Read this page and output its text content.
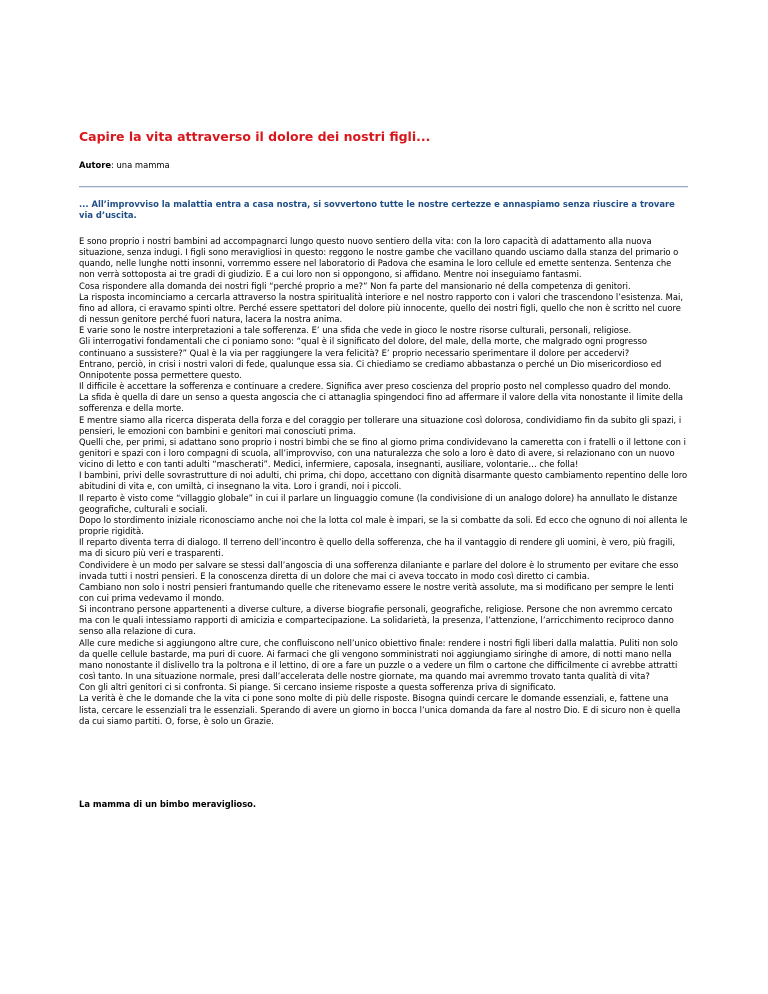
Capire la vita attraverso il dolore dei nostri figli...
Autore: una mamma

... All’improvviso la malattia entra a casa nostra, si sovvertono tutte le nostre certezze e annaspiamo senza riuscire a trovare via d’uscita.

E sono proprio i nostri bambini ad accompagnarci lungo questo nuovo sentiero della vita: con la loro capacità di adattamento alla nuova situazione, senza indugi. I figli sono meravigliosi in questo: reggono le nostre gambe che vacillano quando usciamo dalla stanza del primario o quando, nelle lunghe notti insonni, vorremmo essere nel laboratorio di Padova che esamina le loro cellule ed emette sentenza. Sentenza che non verrà sottoposta ai tre gradi di giudizio. E a cui loro non si oppongono, si affidano. Mentre noi inseguiamo fantasmi.

Cosa rispondere alla domanda dei nostri figli “perché proprio a me?” Non fa parte del mansionario né della competenza di genitori.

La risposta incominciamo a cercarla attraverso la nostra spiritualità interiore e nel nostro rapporto con i valori che trascendono l’esistenza. Mai, fino ad allora, ci eravamo spinti oltre. Perché essere spettatori del dolore più innocente, quello dei nostri figli, quello che non è scritto nel cuore di nessun genitore perché fuori natura, lacera la nostra anima.

E varie sono le nostre interpretazioni a tale sofferenza. E’ una sfida che vede in gioco le nostre risorse culturali, personali, religiose.

Gli interrogativi fondamentali che ci poniamo sono: “qual è il significato del dolore, del male, della morte, che malgrado ogni progresso continuano a sussistere?” Qual è la via per raggiungere la vera felicità? E’ proprio necessario sperimentare il dolore per accedervi?

Entrano, perciò, in crisi i nostri valori di fede, qualunque essa sia. Ci chiediamo se crediamo abbastanza o perché un Dio misericordioso ed Onnipotente possa permettere questo.

Il difficile è accettare la sofferenza e continuare a credere. Significa aver preso coscienza del proprio posto nel complesso quadro del mondo.

La sfida è quella di dare un senso a questa angoscia che ci attanaglia spingendoci fino ad affermare il valore della vita nonostante il limite della sofferenza e della morte.

E mentre siamo alla ricerca disperata della forza e del coraggio per tollerare una situazione così dolorosa, condividiamo fin da subito gli spazi, i pensieri, le emozioni con bambini e genitori mai conosciuti prima.

Quelli che, per primi, si adattano sono proprio i nostri bimbi che se fino al giorno prima condividevano la cameretta con i fratelli o il lettone con i genitori e spazi con i loro compagni di scuola, all’improvviso, con una naturalezza che solo a loro è dato di avere, si relazionano con un nuovo vicino di letto e con tanti adulti “mascherati”. Medici, infermiere, caposala, insegnanti, ausiliare, volontarie… che folla!

I bambini, privi delle sovrastrutture di noi adulti, chi prima, chi dopo, accettano con dignità disarmante questo cambiamento repentino delle loro abitudini di vita e, con umiltà, ci insegnano la vita. Loro i grandi, noi i piccoli.

Il reparto è visto come “villaggio globale” in cui il parlare un linguaggio comune (la condivisione di un analogo dolore) ha annullato le distanze geografiche, culturali e sociali.

Dopo lo stordimento iniziale riconosciamo anche noi che la lotta col male è impari, se la si combatte da soli. Ed ecco che ognuno di noi allenta le proprie rigidità.

Il reparto diventa terra di dialogo. Il terreno dell’incontro è quello della sofferenza, che ha il vantaggio di rendere gli uomini, è vero, più fragili, ma di sicuro più veri e trasparenti.

Condividere è un modo per salvare se stessi dall’angoscia di una sofferenza dilaniante e parlare del dolore è lo strumento per evitare che esso invada tutti i nostri pensieri. E la conoscenza diretta di un dolore che mai ci aveva toccato in modo così diretto ci cambia.

Cambiano non solo i nostri pensieri frantumando quelle che ritenevamo essere le nostre verità assolute, ma si modificano per sempre le lenti con cui prima vedevamo il mondo.

Si incontrano persone appartenenti a diverse culture, a diverse biografie personali, geografiche, religiose. Persone che non avremmo cercato ma con le quali intessiamo rapporti di amicizia e compartecipazione. La solidarietà, la presenza, l’attenzione, l’arricchimento reciproco danno senso alla relazione di cura.

Alle cure mediche si aggiungono altre cure, che confluiscono nell’unico obiettivo finale: rendere i nostri figli liberi dalla malattia. Puliti non solo da quelle cellule bastarde, ma puri di cuore. Ai farmaci che gli vengono somministrati noi aggiungiamo siringhe di amore, di notti mano nella mano nonostante il dislivello tra la poltrona e il lettino, di ore a fare un puzzle o a vedere un film o cartone che difficilmente ci avrebbe attratti così tanto. In una situazione normale, presi dall’accelerata delle nostre giornate, ma quando mai avremmo trovato tanta qualità di vita?

Con gli altri genitori ci si confronta. Si piange. Si cercano insieme risposte a questa sofferenza priva di significato.

La verità è che le domande che la vita ci pone sono molte di più delle risposte. Bisogna quindi cercare le domande essenziali, e, fattene una lista, cercare le essenziali tra le essenziali. Sperando di avere un giorno in bocca l’unica domanda da fare al nostro Dio. E di sicuro non è quella da cui siamo partiti. O, forse, è solo un Grazie.

La mamma di un bimbo meraviglioso.
